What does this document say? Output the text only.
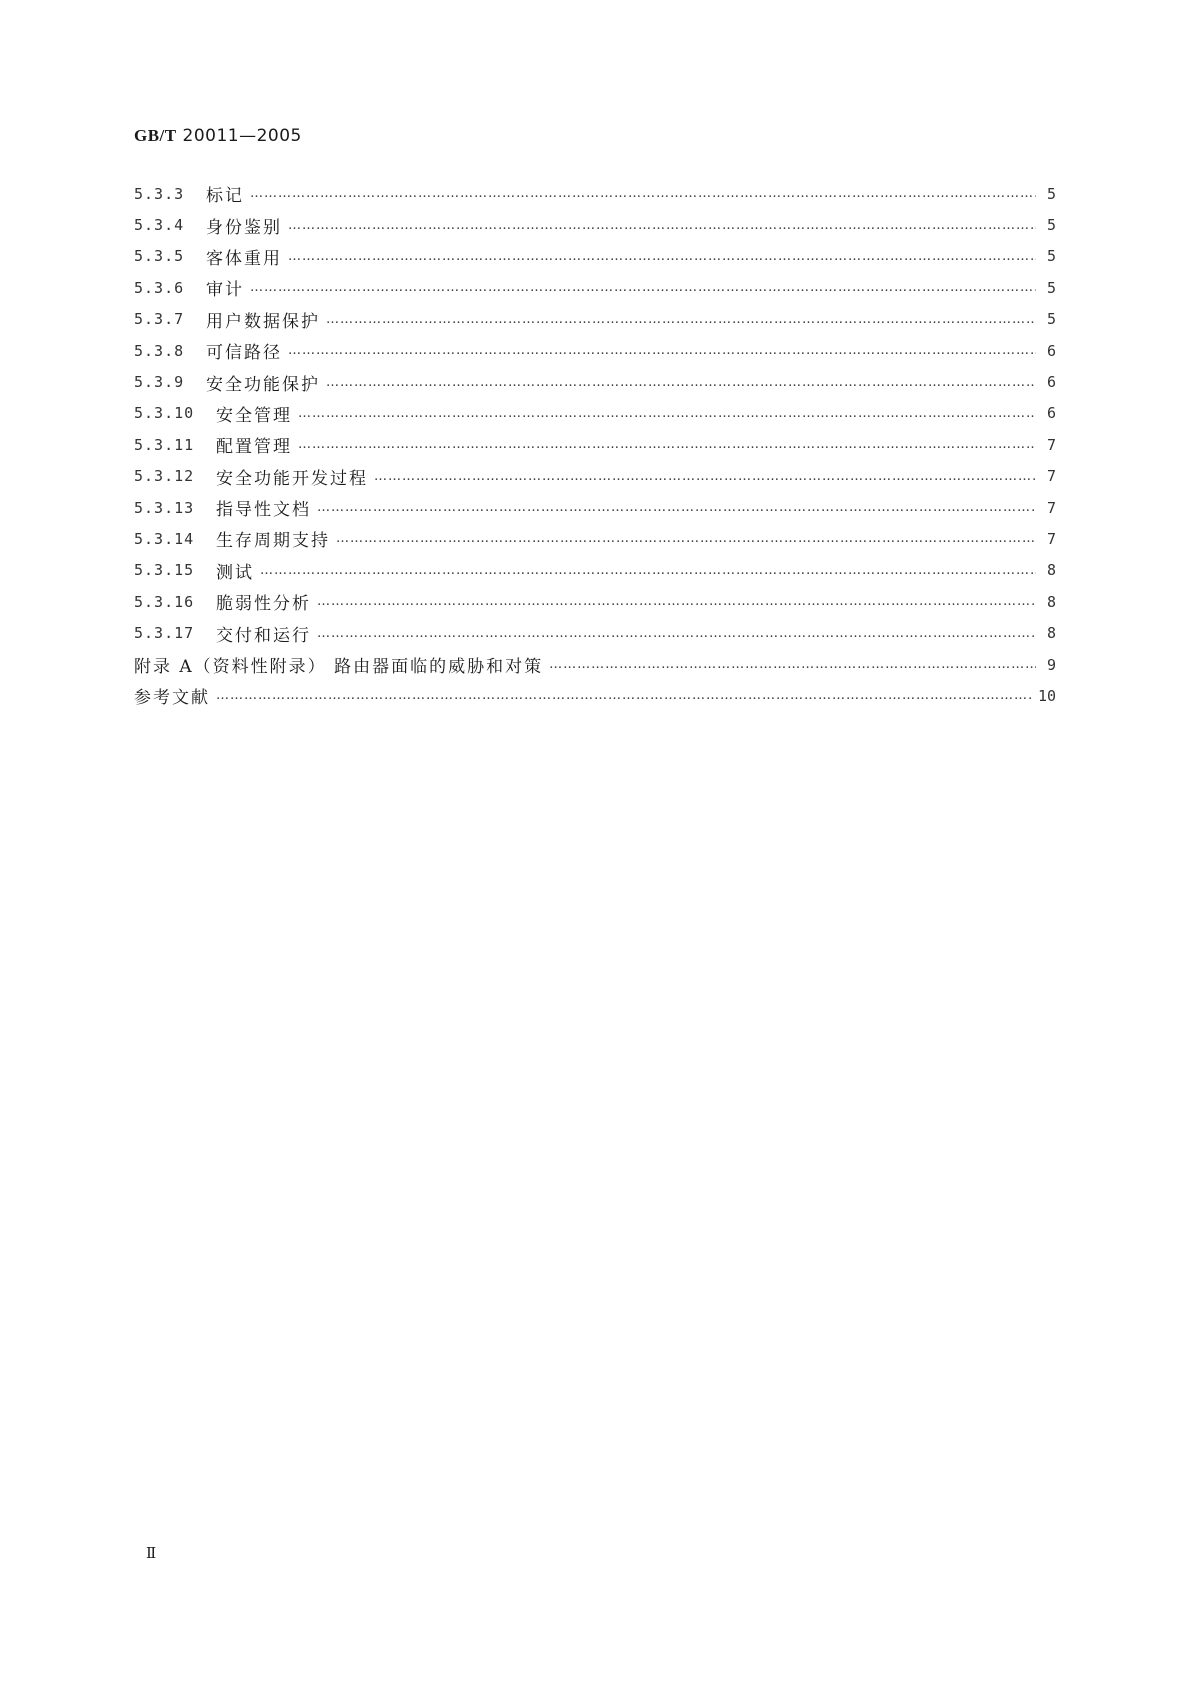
GB/T 20011—2005
5.3.3	标记 ……………………………………………………………………………………………………………………………………………………………………………………………………………………………………	5
5.3.4	身份鉴别 ……………………………………………………………………………………………………………………………………………………………………………………………………………………………………	5
5.3.5	客体重用 ……………………………………………………………………………………………………………………………………………………………………………………………………………………………………	5
5.3.6	审计 ……………………………………………………………………………………………………………………………………………………………………………………………………………………………………	5
5.3.7	用户数据保护 ……………………………………………………………………………………………………………………………………………………………………………………………………………………………………	5
5.3.8	可信路径 ……………………………………………………………………………………………………………………………………………………………………………………………………………………………………	6
5.3.9	安全功能保护 ……………………………………………………………………………………………………………………………………………………………………………………………………………………………………	6
5.3.10	安全管理 ……………………………………………………………………………………………………………………………………………………………………………………………………………………………………	6
5.3.11	配置管理 ……………………………………………………………………………………………………………………………………………………………………………………………………………………………………	7
5.3.12	安全功能开发过程 ……………………………………………………………………………………………………………………………………………………………………………………………………………………………………	7
5.3.13	指导性文档 ……………………………………………………………………………………………………………………………………………………………………………………………………………………………………	7
5.3.14	生存周期支持 ……………………………………………………………………………………………………………………………………………………………………………………………………………………………………	7
5.3.15	测试 ……………………………………………………………………………………………………………………………………………………………………………………………………………………………………	8
5.3.16	脆弱性分析 ……………………………………………………………………………………………………………………………………………………………………………………………………………………………………	8
5.3.17	交付和运行 ……………………………………………………………………………………………………………………………………………………………………………………………………………………………………	8
附录 A（资料性附录） 路由器面临的威胁和对策 ……………………………………………………………………………………………………………………………………………………………………………………………………………………………………	9
参考文献 ……………………………………………………………………………………………………………………………………………………………………………………………………………………………………	10
Ⅱ
